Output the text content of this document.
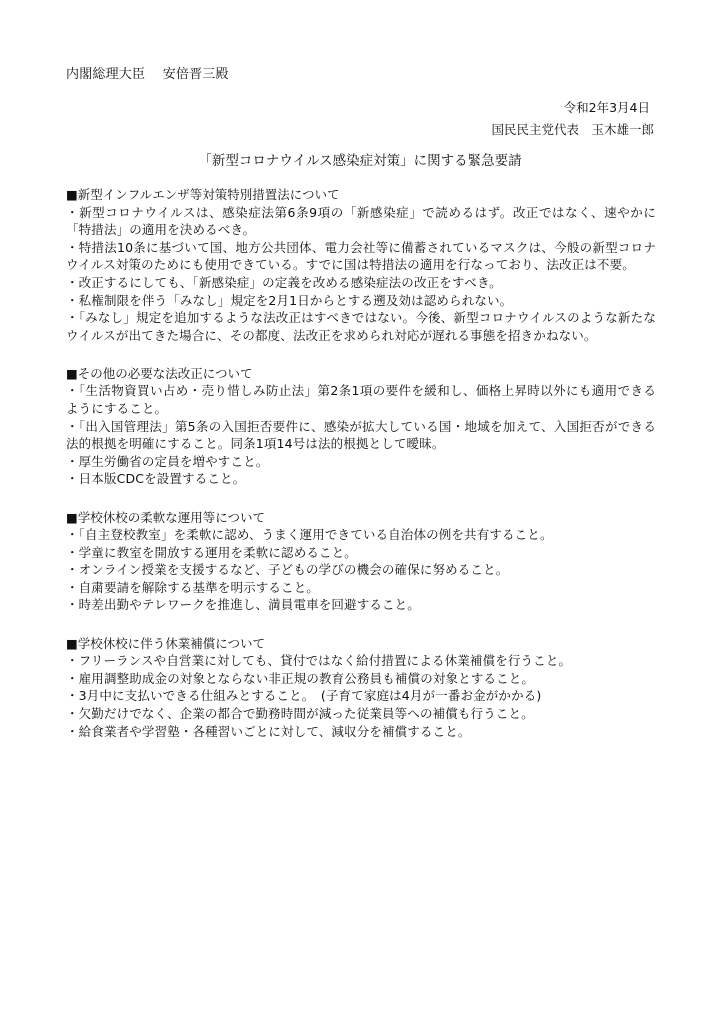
内閣総理大臣　 安倍晋三殿
令和2年3月4日
国民民主党代表　玉木雄一郎
「新型コロナウイルス感染症対策」に関する緊急要請
■新型インフルエンザ等対策特別措置法について
・新型コロナウイルスは、感染症法第6条9項の「新感染症」で読めるはず。改正ではなく、速やかに「特措法」の適用を決めるべき。
・特措法10条に基づいて国、地方公共団体、電力会社等に備蓄されているマスクは、今般の新型コロナウイルス対策のためにも使用できている。すでに国は特措法の適用を行なっており、法改正は不要。
・改正するにしても、「新感染症」の定義を改める感染症法の改正をすべき。
・私権制限を伴う「みなし」規定を2月1日からとする遡及効は認められない。
・「みなし」規定を追加するような法改正はすべきではない。今後、新型コロナウイルスのような新たなウイルスが出てきた場合に、その都度、法改正を求められ対応が遅れる事態を招きかねない。
■その他の必要な法改正について
・「生活物資買い占め・売り惜しみ防止法」第2条1項の要件を緩和し、価格上昇時以外にも適用できるようにすること。
・「出入国管理法」第5条の入国拒否要件に、感染が拡大している国・地域を加えて、入国拒否ができる法的根拠を明確にすること。同条1項14号は法的根拠として曖昧。
・厚生労働省の定員を増やすこと。
・日本版CDCを設置すること。
■学校休校の柔軟な運用等について
・「自主登校教室」を柔軟に認め、うまく運用できている自治体の例を共有すること。
・学童に教室を開放する運用を柔軟に認めること。
・オンライン授業を支援するなど、子どもの学びの機会の確保に努めること。
・自粛要請を解除する基準を明示すること。
・時差出勤やテレワークを推進し、満員電車を回避すること。
■学校休校に伴う休業補償について
・フリーランスや自営業に対しても、貸付ではなく給付措置による休業補償を行うこと。
・雇用調整助成金の対象とならない非正規の教育公務員も補償の対象とすること。
・3月中に支払いできる仕組みとすること。　(子育て家庭は4月が一番お金がかかる)
・欠勤だけでなく、企業の都合で勤務時間が減った従業員等への補償も行うこと。
・給食業者や学習塾・各種習いごとに対して、減収分を補償すること。
